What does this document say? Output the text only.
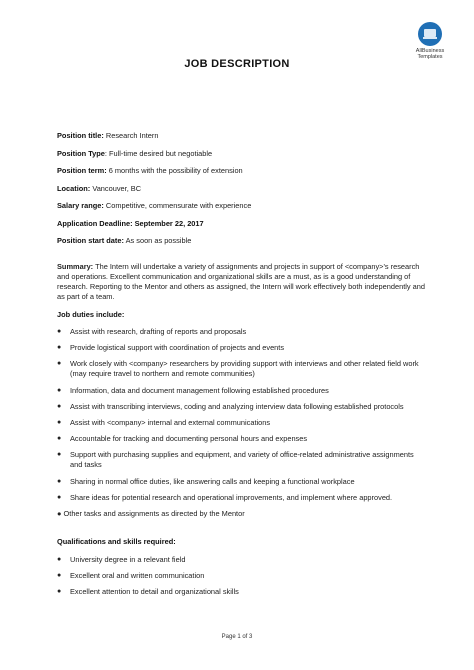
AllBusiness
Templates
JOB DESCRIPTION
Position title: Research Intern
Position Type: Full-time desired but negotiable
Position term: 6 months with the possibility of extension
Location: Vancouver, BC
Salary range: Competitive, commensurate with experience
Application Deadline: September 22, 2017
Position start date: As soon as possible
Summary: The Intern will undertake a variety of assignments and projects in support of <company>'s research and operations. Excellent communication and organizational skills are a must, as is a good understanding of research. Reporting to the Mentor and others as assigned, the Intern will work effectively both independently and as part of a team.
Job duties include:
● Assist with research, drafting of reports and proposals
● Provide logistical support with coordination of projects and events
● Work closely with <company> researchers by providing support with interviews and other related field work (may require travel to northern and remote communities)
● Information, data and document management following established procedures
● Assist with transcribing interviews, coding and analyzing interview data following established protocols
● Assist with <company> internal and external communications
● Accountable for tracking and documenting personal hours and expenses
● Support with purchasing supplies and equipment, and variety of office-related administrative assignments and tasks
● Sharing in normal office duties, like answering calls and keeping a functional workplace
● Share ideas for potential research and operational improvements, and implement where approved.
● Other tasks and assignments as directed by the Mentor
Qualifications and skills required:
● University degree in a relevant field
● Excellent oral and written communication
● Excellent attention to detail and organizational skills
Page 1 of 3
